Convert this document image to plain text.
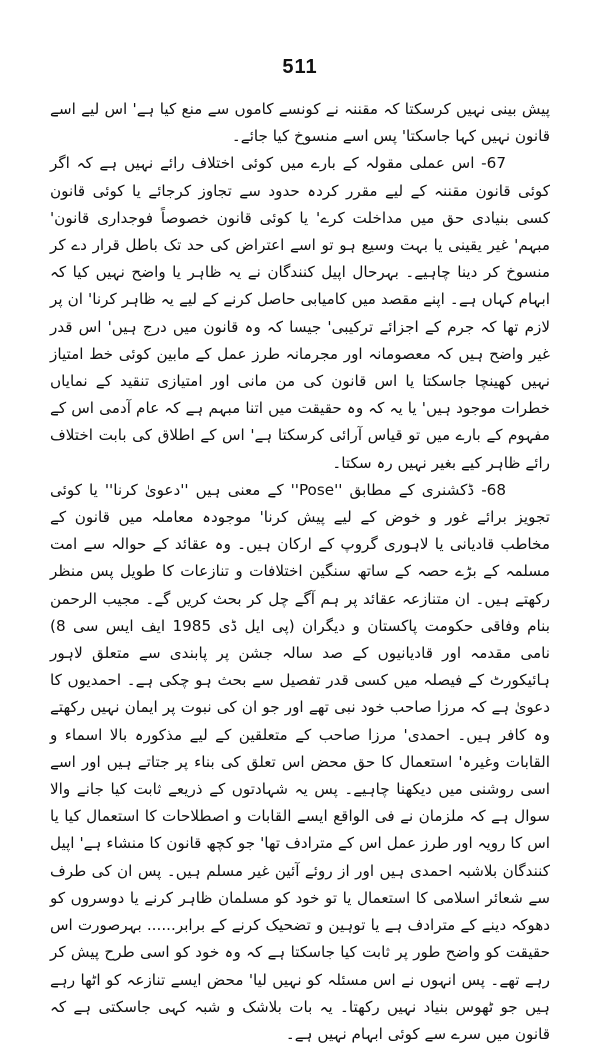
511

پیش بینی نہیں کرسکتا کہ مقننہ نے کونسے کاموں سے منع کیا ہے' اس لیے اسے قانون نہیں کہا جاسکتا' پس اسے منسوخ کیا جائے۔

67- اس عملی مقولہ کے بارے میں کوئی اختلاف رائے نہیں ہے کہ اگر کوئی قانون مقننہ کے لیے مقرر کردہ حدود سے تجاوز کرجائے یا کوئی قانون کسی بنیادی حق میں مداخلت کرے' یا کوئی قانون خصوصاً فوجداری قانون' مبہم' غیر یقینی یا بہت وسیع ہو تو اسے اعتراض کی حد تک باطل قرار دے کر منسوخ کر دینا چاہیے۔ بہرحال اپیل کنندگان نے یہ ظاہر یا واضح نہیں کیا کہ ابہام کہاں ہے۔ اپنے مقصد میں کامیابی حاصل کرنے کے لیے یہ ظاہر کرنا' ان پر لازم تھا کہ جرم کے اجزائے ترکیبی' جیسا کہ وہ قانون میں درج ہیں' اس قدر غیر واضح ہیں کہ معصومانہ اور مجرمانہ طرز عمل کے مابین کوئی خط امتیاز نہیں کھینچا جاسکتا یا اس قانون کی من مانی اور امتیازی تنقید کے نمایاں خطرات موجود ہیں' یا یہ کہ وہ حقیقت میں اتنا مبہم ہے کہ عام آدمی اس کے مفہوم کے بارے میں تو قیاس آرائی کرسکتا ہے' اس کے اطلاق کی بابت اختلاف رائے ظاہر کیے بغیر نہیں رہ سکتا۔

68- ڈکشنری کے مطابق ''Pose'' کے معنی ہیں ''دعویٰ کرنا'' یا کوئی تجویز برائے غور و خوض کے لیے پیش کرنا' موجودہ معاملہ میں قانون کے مخاطب قادیانی یا لاہوری گروپ کے ارکان ہیں۔ وہ عقائد کے حوالہ سے امت مسلمہ کے بڑے حصہ کے ساتھ سنگین اختلافات و تنازعات کا طویل پس منظر رکھتے ہیں۔ ان متنازعہ عقائد پر ہم آگے چل کر بحث کریں گے۔ مجیب الرحمن بنام وفاقی حکومت پاکستان و دیگران (پی ایل ڈی 1985 ایف ایس سی 8) نامی مقدمہ اور قادیانیوں کے صد سالہ جشن پر پابندی سے متعلق لاہور ہائیکورٹ کے فیصلہ میں کسی قدر تفصیل سے بحث ہو چکی ہے۔ احمدیوں کا دعویٰ ہے کہ مرزا صاحب خود نبی تھے اور جو ان کی نبوت پر ایمان نہیں رکھتے وہ کافر ہیں۔ احمدی' مرزا صاحب کے متعلقین کے لیے مذکورہ بالا اسماء و القابات وغیرہ' استعمال کا حق محض اس تعلق کی بناء پر جتاتے ہیں اور اسے اسی روشنی میں دیکھنا چاہیے۔ پس یہ شہادتوں کے ذریعے ثابت کیا جانے والا سوال ہے کہ ملزمان نے فی الواقع ایسے القابات و اصطلاحات کا استعمال کیا یا اس کا رویہ اور طرز عمل اس کے مترادف تھا' جو کچھ قانون کا منشاء ہے' اپیل کنندگان بلاشبہ احمدی ہیں اور از روئے آئین غیر مسلم ہیں۔ پس ان کی طرف سے شعائر اسلامی کا استعمال یا تو خود کو مسلمان ظاہر کرنے یا دوسروں کو دھوکہ دینے کے مترادف ہے یا توہین و تضحیک کرنے کے برابر...... بہرصورت اس حقیقت کو واضح طور پر ثابت کیا جاسکتا ہے کہ وہ خود کو اسی طرح پیش کر رہے تھے۔ پس انہوں نے اس مسئلہ کو نہیں لیا' محض ایسے تنازعہ کو اٹھا رہے ہیں جو ٹھوس بنیاد نہیں رکھتا۔ یہ بات بلاشک و شبہ کہی جاسکتی ہے کہ قانون میں سرے سے کوئی ابہام نہیں ہے۔
